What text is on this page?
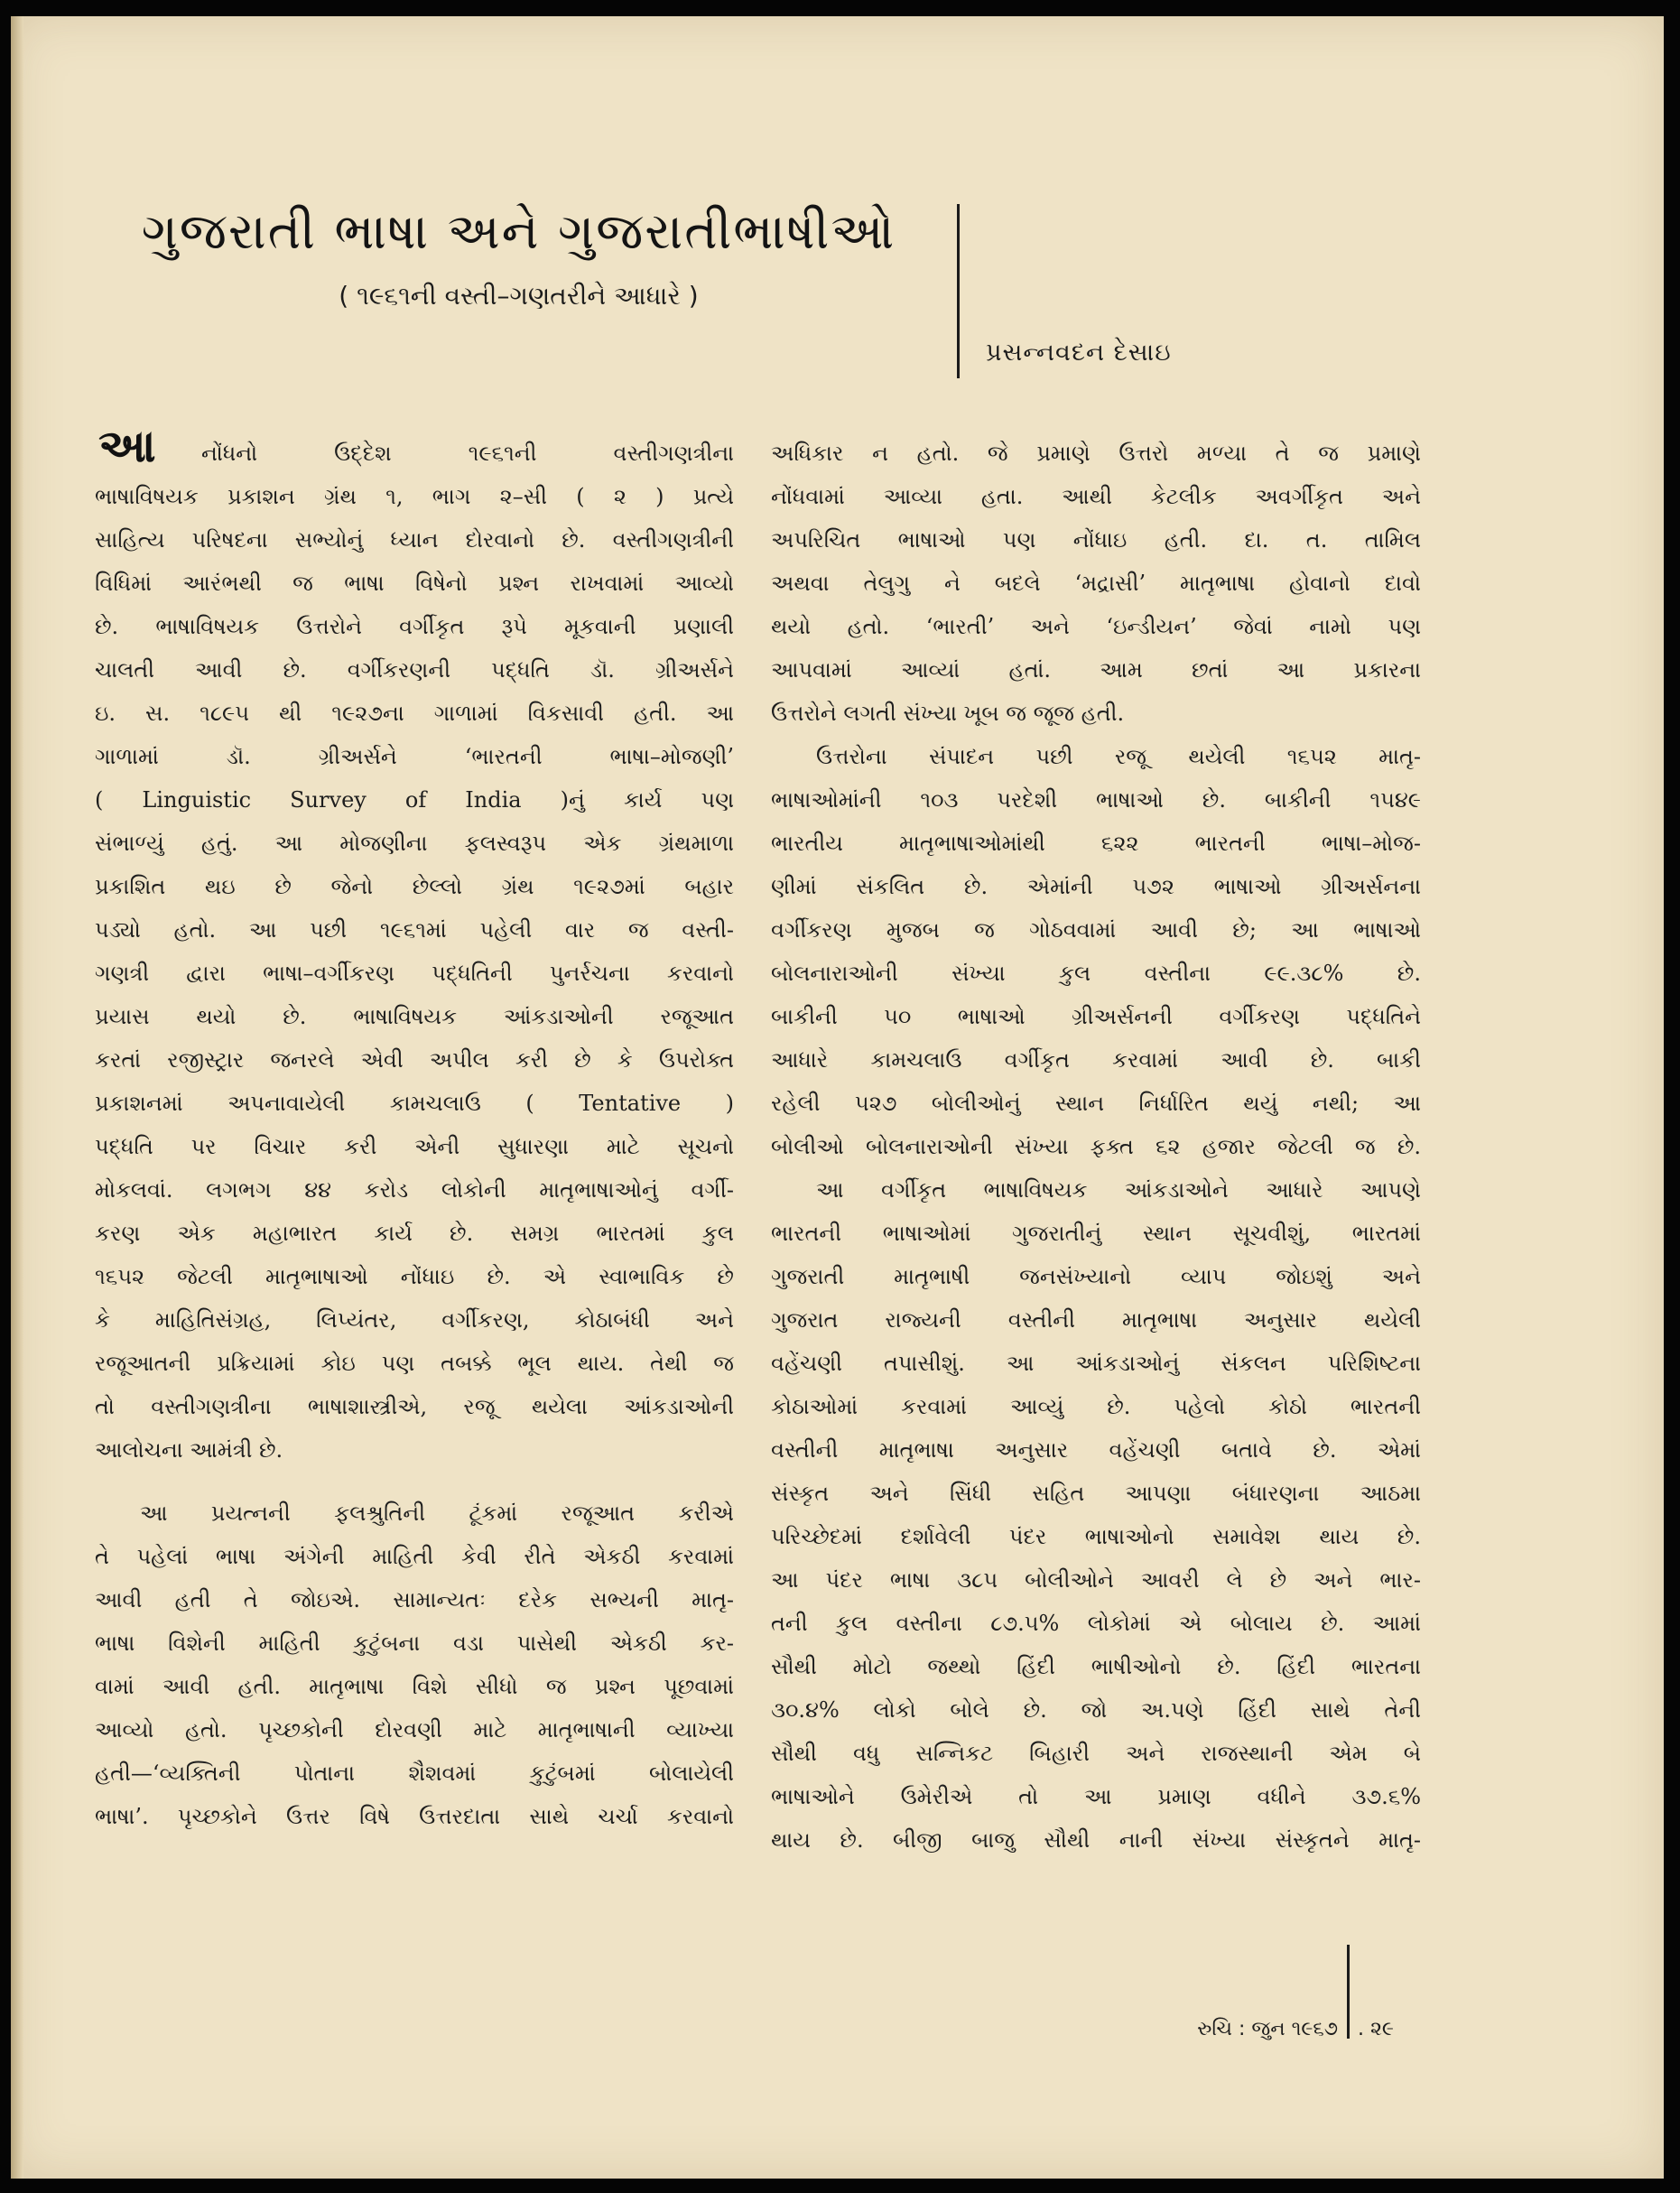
ગુજરાતી ભાષા અને ગુજરાતીભાષીઓ
( ૧૯૬૧ની વસ્તી–ગણતરીને આધારે )
પ્રસન્નવદન દેસાઇ
આ	નોંધનો ઉદ્દેશ ૧૯૬૧ની વસ્તીગણત્રીના
ભાષાવિષયક પ્રકાશન ગ્રંથ ૧, ભાગ ૨–સી ( ૨ ) પ્રત્યે
સાહિત્ય પરિષદના સભ્યોનું ધ્યાન દોરવાનો છે. વસ્તીગણત્રીની
વિધિમાં આરંભથી જ ભાષા વિષેનો પ્રશ્ન રાખવામાં આવ્યો
છે. ભાષાવિષયક ઉત્તરોને વર્ગીકૃત રૂપે મૂકવાની પ્રણાલી
ચાલતી આવી છે. વર્ગીકરણની પદ્ધતિ ડૉ. ગ્રીઅર્સને
ઇ. સ. ૧૮૯૫ થી ૧૯૨૭ના ગાળામાં વિકસાવી હતી. આ
ગાળામાં ડૉ. ગ્રીઅર્સને ‘ભારતની ભાષા–મોજણી’
( Linguistic Survey of India )નું કાર્ય પણ
સંભાળ્યું હતું. આ મોજણીના ફલસ્વરૂપ એક ગ્રંથમાળા
પ્રકાશિત થઇ છે જેનો છેલ્લો ગ્રંથ ૧૯૨૭માં બહાર
પડ્યો હતો. આ પછી ૧૯૬૧માં પહેલી વાર જ વસ્તી-
ગણત્રી દ્વારા ભાષા–વર્ગીકરણ પદ્ધતિની પુનર્રચના કરવાનો
પ્રયાસ થયો છે. ભાષાવિષયક આંકડાઓની રજૂઆત
કરતાં રજીસ્ટ્રાર જનરલે એવી અપીલ કરી છે કે ઉપરોક્ત
પ્રકાશનમાં અપનાવાયેલી કામચલાઉ ( Tentative )
પદ્ધતિ પર વિચાર કરી એની સુધારણા માટે સૂચનો
મોકલવાં. લગભગ ૪૪ કરોડ લોકોની માતૃભાષાઓનું વર્ગી-
કરણ એક મહાભારત કાર્ય છે. સમગ્ર ભારતમાં કુલ
૧૬૫૨ જેટલી માતૃભાષાઓ નોંધાઇ છે. એ સ્વાભાવિક છે
કે માહિતિસંગ્રહ, લિપ્યંતર, વર્ગીકરણ, કોઠાબંધી અને
રજૂઆતની પ્રક્રિયામાં કોઇ પણ તબક્કે ભૂલ થાય. તેથી જ
તો વસ્તીગણત્રીના ભાષાશાસ્ત્રીએ, રજૂ થયેલા આંકડાઓની
આલોચના આમંત્રી છે.
આ પ્રયત્નની ફલશ્રુતિની ટૂંકમાં રજૂઆત કરીએ
તે પહેલાં ભાષા અંગેની માહિતી કેવી રીતે એકઠી કરવામાં
આવી હતી તે જોઇએ. સામાન્યતઃ દરેક સભ્યની માતૃ-
ભાષા વિશેની માહિતી કુટુંબના વડા પાસેથી એકઠી કર-
વામાં આવી હતી. માતૃભાષા વિશે સીધો જ પ્રશ્ન પૂછવામાં
આવ્યો હતો. પૃચ્છકોની દોરવણી માટે માતૃભાષાની વ્યાખ્યા
હતી—‘વ્યક્તિની પોતાના શૈશવમાં કુટુંબમાં બોલાયેલી
ભાષા’. પૃચ્છકોને ઉત્તર વિષે ઉત્તરદાતા સાથે ચર્ચા કરવાનો
અધિકાર ન હતો. જે પ્રમાણે ઉત્તરો મળ્યા તે જ પ્રમાણે
નોંધવામાં આવ્યા હતા. આથી કેટલીક અવર્ગીકૃત અને
અપરિચિત ભાષાઓ પણ નોંધાઇ હતી. દા. ત. તામિલ
અથવા તેલુગુ ને બદલે ‘મદ્રાસી’ માતૃભાષા હોવાનો દાવો
થયો હતો. ‘ભારતી’ અને ‘ઇન્ડીયન’ જેવાં નામો પણ
આપવામાં આવ્યાં હતાં. આમ છતાં આ પ્રકારના
ઉત્તરોને લગતી સંખ્યા ખૂબ જ જૂજ હતી.
ઉત્તરોના સંપાદન પછી રજૂ થયેલી ૧૬૫૨ માતૃ-
ભાષાઓમાંની ૧૦૩ પરદેશી ભાષાઓ છે. બાકીની ૧૫૪૯
ભારતીય માતૃભાષાઓમાંથી ૬૨૨ ભારતની ભાષા–મોજ-
ણીમાં સંકલિત છે. એમાંની ૫૭૨ ભાષાઓ ગ્રીઅર્સનના
વર્ગીકરણ મુજબ જ ગોઠવવામાં આવી છે; આ ભાષાઓ
બોલનારાઓની સંખ્યા કુલ વસ્તીના ૯૯.૩૮% છે.
બાકીની ૫૦ ભાષાઓ ગ્રીઅર્સનની વર્ગીકરણ પદ્ધતિને
આધારે કામચલાઉ વર્ગીકૃત કરવામાં આવી છે. બાકી
રહેલી ૫૨૭ બોલીઓનું સ્થાન નિર્ધારિત થયું નથી; આ
બોલીઓ બોલનારાઓની સંખ્યા ફક્ત ૬૨ હજાર જેટલી જ છે.
આ વર્ગીકૃત ભાષાવિષયક આંકડાઓને આધારે આપણે
ભારતની ભાષાઓમાં ગુજરાતીનું સ્થાન સૂચવીશું, ભારતમાં
ગુજરાતી માતૃભાષી જનસંખ્યાનો વ્યાપ જોઇશું અને
ગુજરાત રાજ્યની વસ્તીની માતૃભાષા અનુસાર થયેલી
વહેંચણી તપાસીશું. આ આંકડાઓનું સંકલન પરિશિષ્ટના
કોઠાઓમાં કરવામાં આવ્યું છે. પહેલો કોઠો ભારતની
વસ્તીની માતૃભાષા અનુસાર વહેંચણી બતાવે છે. એમાં
સંસ્કૃત અને સિંધી સહિત આપણા બંધારણના આઠમા
પરિચ્છેદમાં દર્શાવેલી પંદર ભાષાઓનો સમાવેશ થાય છે.
આ પંદર ભાષા ૩૮૫ બોલીઓને આવરી લે છે અને ભાર-
તની કુલ વસ્તીના ૮૭.૫% લોકોમાં એ બોલાય છે. આમાં
સૌથી મોટો જથ્થો હિંદી ભાષીઓનો છે. હિંદી ભારતના
૩૦.૪% લોકો બોલે છે. જો અ.પણે હિંદી સાથે તેની
સૌથી વધુ સન્નિકટ બિહારી અને રાજસ્થાની એમ બે
ભાષાઓને ઉમેરીએ તો આ પ્રમાણ વધીને ૩૭.૬%
થાય છે. બીજી બાજુ સૌથી નાની સંખ્યા સંસ્કૃતને માતૃ-
રુચિ : જુન ૧૯૬૭ . ૨૯
